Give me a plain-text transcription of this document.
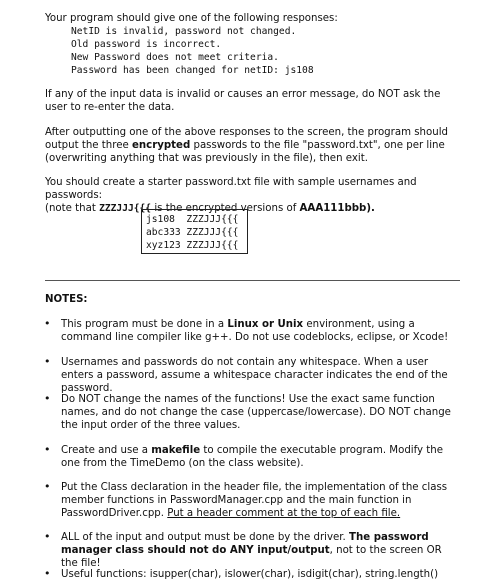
Your program should give one of the following responses:

NetID is invalid, password not changed.
Old password is incorrect.
New Password does not meet criteria.
Password has been changed for netID: js108

If any of the input data is invalid or causes an error message, do NOT ask the user to re-enter the data.

After outputting one of the above responses to the screen, the program should output the three encrypted passwords to the file "password.txt", one per line (overwriting anything that was previously in the file), then exit.

You should create a starter password.txt file with sample usernames and passwords:
(note that ZZZJJJ{{{ is the encrypted versions of AAA111bbb).

js108  ZZZJJJ{{{
abc333 ZZZJJJ{{{
xyz123 ZZZJJJ{{{
NOTES:
• This program must be done in a Linux or Unix environment, using a command line compiler like g++. Do not use codeblocks, eclipse, or Xcode!
• Usernames and passwords do not contain any whitespace. When a user enters a password, assume a whitespace character indicates the end of the password.
• Do NOT change the names of the functions! Use the exact same function names, and do not change the case (uppercase/lowercase). DO NOT change the input order of the three values.
• Create and use a makefile to compile the executable program. Modify the one from the TimeDemo (on the class website).
• Put the Class declaration in the header file, the implementation of the class member functions in PasswordManager.cpp and the main function in PasswordDriver.cpp. Put a header comment at the top of each file.
• ALL of the input and output must be done by the driver. The password manager class should not do ANY input/output, not to the screen OR the file!
• Useful functions: isupper(char), islower(char), isdigit(char), string.length()
